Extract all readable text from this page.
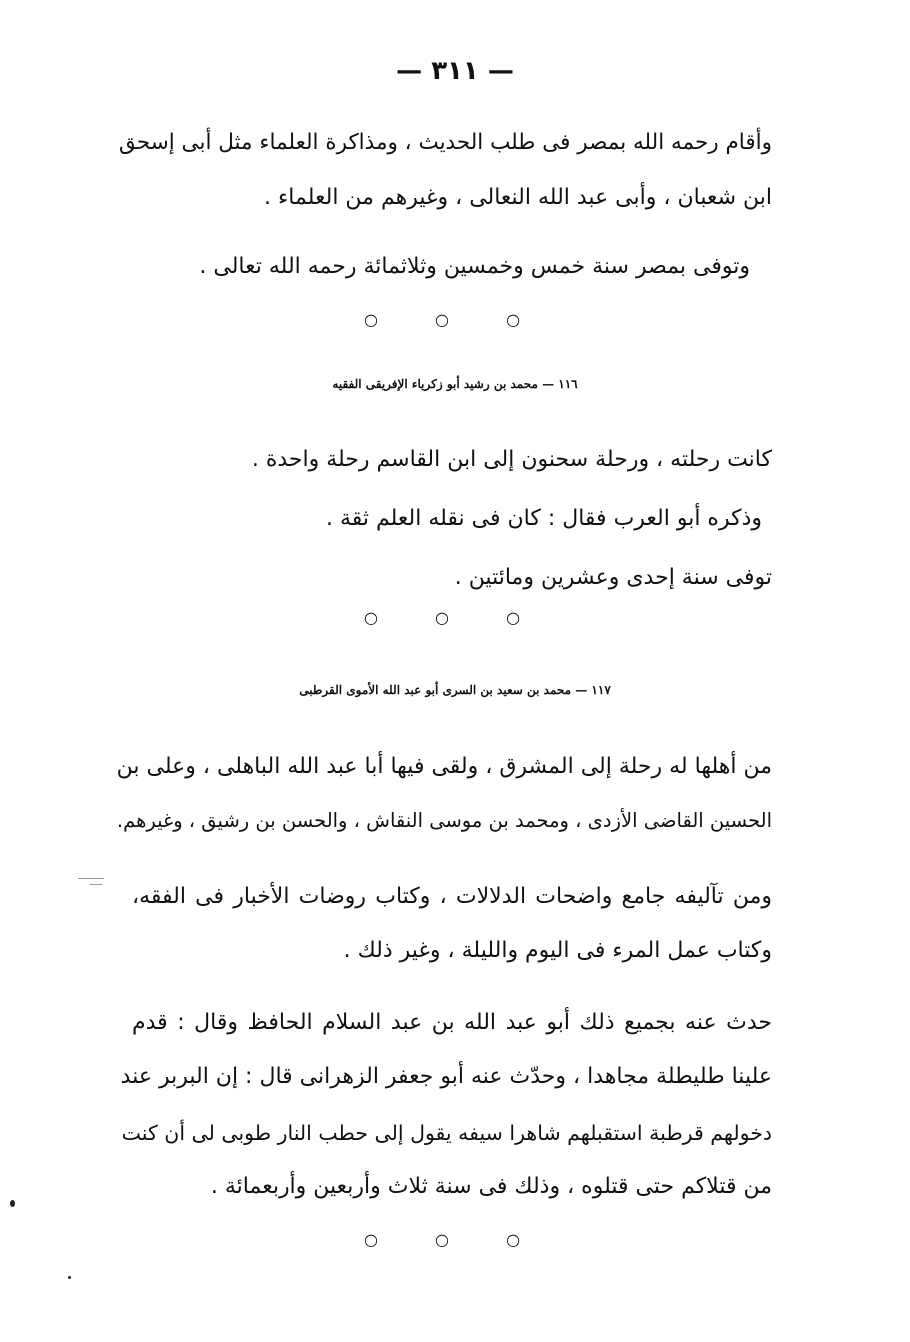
— ٣١١ —
وأقام رحمه الله بمصر فى طلب الحديث ، ومذاكرة العلماء مثل أبى إسحق
ابن شعبان ، وأبى عبد الله النعالى ، وغيرهم من العلماء .
وتوفى بمصر سنة خمس وخمسين وثلاثمائة رحمه الله تعالى .
○ ○ ○
١١٦ — محمد بن رشيد أبو زكرياء الإفريقى الفقيه
كانت رحلته ، ورحلة سحنون إلى ابن القاسم رحلة واحدة .
وذكره أبو العرب فقال : كان فى نقله العلم ثقة .
توفى سنة إحدى وعشرين ومائتين .
○ ○ ○
١١٧ — محمد بن سعيد بن السرى أبو عبد الله الأموى القرطبى
من أهلها له رحلة إلى المشرق ، ولقى فيها أبا عبد الله الباهلى ، وعلى بن
الحسين القاضى الأزدى ، ومحمد بن موسى النقاش ، والحسن بن رشيق ، وغيرهم.
ومن تآليفه جامع واضحات الدلالات ، وكتاب روضات الأخبار فى الفقه،
وكتاب عمل المرء فى اليوم والليلة ، وغير ذلك .
حدث عنه بجميع ذلك أبو عبد الله بن عبد السلام الحافظ وقال : قدم
علينا طليطلة مجاهدا ، وحدّث عنه أبو جعفر الزهرانى قال : إن البربر عند
دخولهم قرطبة استقبلهم شاهرا سيفه يقول إلى حطب النار طوبى لى أن كنت
من قتلاكم حتى قتلوه ، وذلك فى سنة ثلاث وأربعين وأربعمائة .
○ ○ ○
